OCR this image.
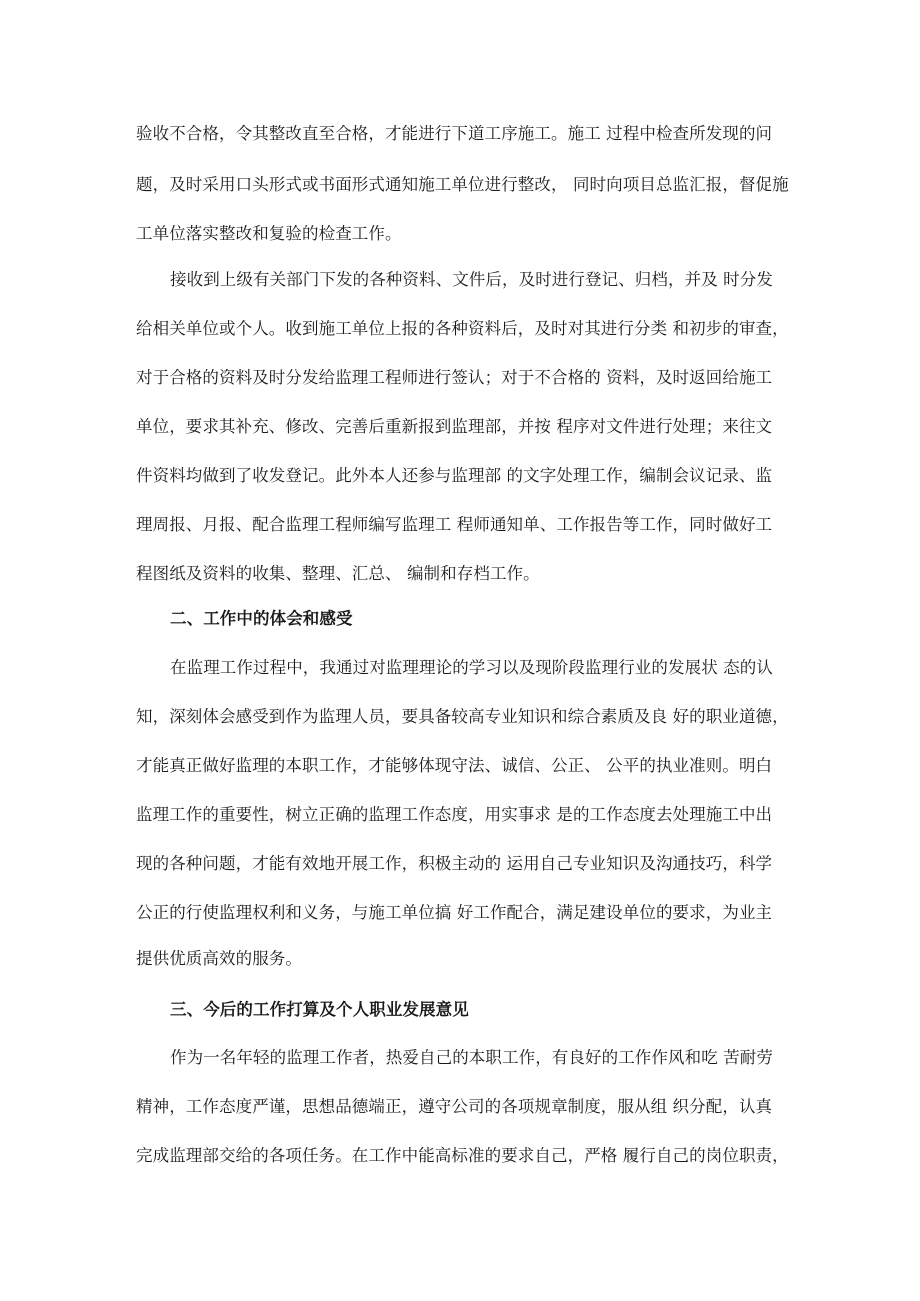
验收不合格，令其整改直至合格，才能进行下道工序施工。施工 过程中检查所发现的问
题，及时采用口头形式或书面形式通知施工单位进行整改， 同时向项目总监汇报，督促施
工单位落实整改和复验的检查工作。
接收到上级有关部门下发的各种资料、文件后，及时进行登记、归档，并及 时分发
给相关单位或个人。收到施工单位上报的各种资料后，及时对其进行分类 和初步的审查，
对于合格的资料及时分发给监理工程师进行签认；对于不合格的 资料，及时返回给施工
单位，要求其补充、修改、完善后重新报到监理部，并按 程序对文件进行处理；来往文
件资料均做到了收发登记。此外本人还参与监理部 的文字处理工作，编制会议记录、监
理周报、月报、配合监理工程师编写监理工 程师通知单、工作报告等工作，同时做好工
程图纸及资料的收集、整理、汇总、 编制和存档工作。
二、工作中的体会和感受
在监理工作过程中，我通过对监理理论的学习以及现阶段监理行业的发展状 态的认
知，深刻体会感受到作为监理人员，要具备较高专业知识和综合素质及良 好的职业道德，
才能真正做好监理的本职工作，才能够体现守法、诚信、公正、 公平的执业准则。明白
监理工作的重要性，树立正确的监理工作态度，用实事求 是的工作态度去处理施工中出
现的各种问题，才能有效地开展工作，积极主动的 运用自己专业知识及沟通技巧，科学
公正的行使监理权利和义务，与施工单位搞 好工作配合，满足建设单位的要求，为业主
提供优质高效的服务。
三、今后的工作打算及个人职业发展意见
作为一名年轻的监理工作者，热爱自己的本职工作，有良好的工作作风和吃 苦耐劳
精神，工作态度严谨，思想品德端正，遵守公司的各项规章制度，服从组 织分配，认真
完成监理部交给的各项任务。在工作中能高标准的要求自己，严格 履行自己的岗位职责，
